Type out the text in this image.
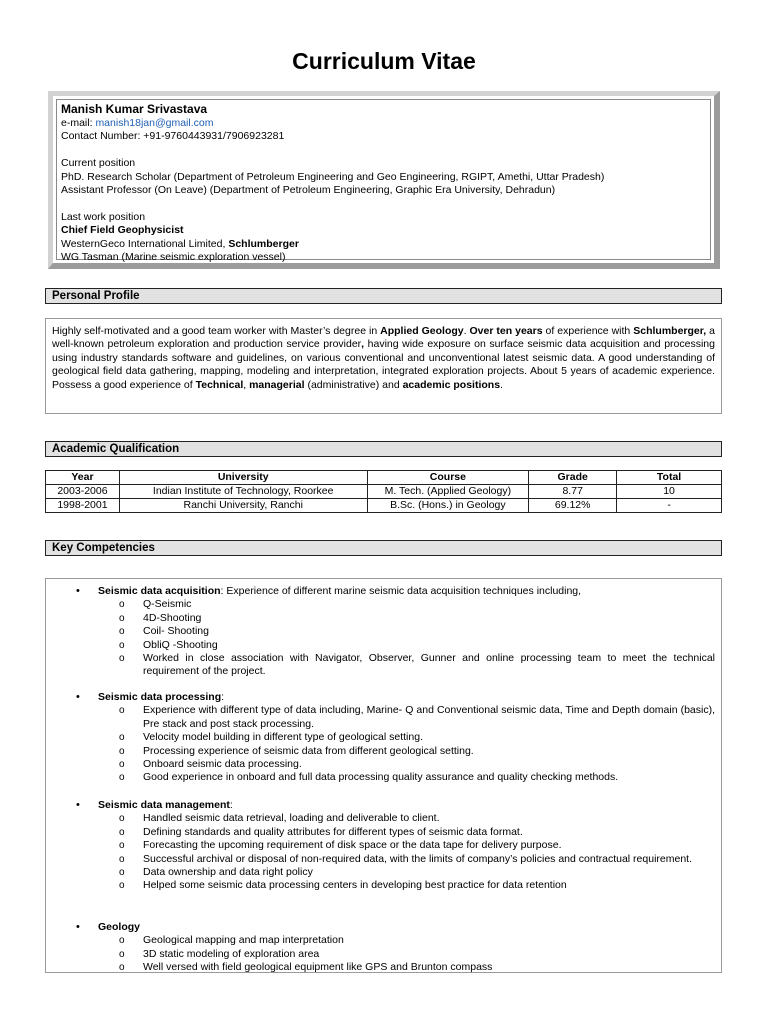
Curriculum Vitae
Manish Kumar Srivastava
e-mail: manish18jan@gmail.com
Contact Number: +91-9760443931/7906923281
Current position
PhD. Research Scholar (Department of Petroleum Engineering and Geo Engineering, RGIPT, Amethi, Uttar Pradesh)
Assistant Professor (On Leave) (Department of Petroleum Engineering, Graphic Era University, Dehradun)
Last work position
Chief Field Geophysicist
WesternGeco International Limited, Schlumberger
WG Tasman (Marine seismic exploration vessel)
Personal Profile

Highly self-motivated and a good team worker with Master’s degree in Applied Geology. Over ten years of experience with Schlumberger, a well-known petroleum exploration and production service provider, having wide exposure on surface seismic data acquisition and processing using industry standards software and guidelines, on various conventional and unconventional latest seismic data. A good understanding of geological field data gathering, mapping, modeling and interpretation, integrated exploration projects. About 5 years of academic experience. Possess a good experience of Technical, managerial (administrative) and academic positions.

Academic Qualification
Year	University	Course	Grade	Total
2003-2006	Indian Institute of Technology, Roorkee	M. Tech. (Applied Geology)	8.77	10
1998-2001	Ranchi University, Ranchi	B.Sc. (Hons.) in Geology	69.12%	-
Key Competencies
• Seismic data acquisition: Experience of different marine seismic data acquisition techniques including,
o Q-Seismic
o 4D-Shooting
o Coil- Shooting
o ObliQ -Shooting
o Worked in close association with Navigator, Observer, Gunner and online processing team to meet the technical requirement of the project.
• Seismic data processing:
o Experience with different type of data including, Marine- Q and Conventional seismic data, Time and Depth domain (basic), Pre stack and post stack processing.
o Velocity model building in different type of geological setting.
o Processing experience of seismic data from different geological setting.
o Onboard seismic data processing.
o Good experience in onboard and full data processing quality assurance and quality checking methods.
• Seismic data management:
o Handled seismic data retrieval, loading and deliverable to client.
o Defining standards and quality attributes for different types of seismic data format.
o Forecasting the upcoming requirement of disk space or the data tape for delivery purpose.
o Successful archival or disposal of non-required data, with the limits of company’s policies and contractual requirement.
o Data ownership and data right policy
o Helped some seismic data processing centers in developing best practice for data retention
• Geology
o Geological mapping and map interpretation
o 3D static modeling of exploration area
o Well versed with field geological equipment like GPS and Brunton compass
